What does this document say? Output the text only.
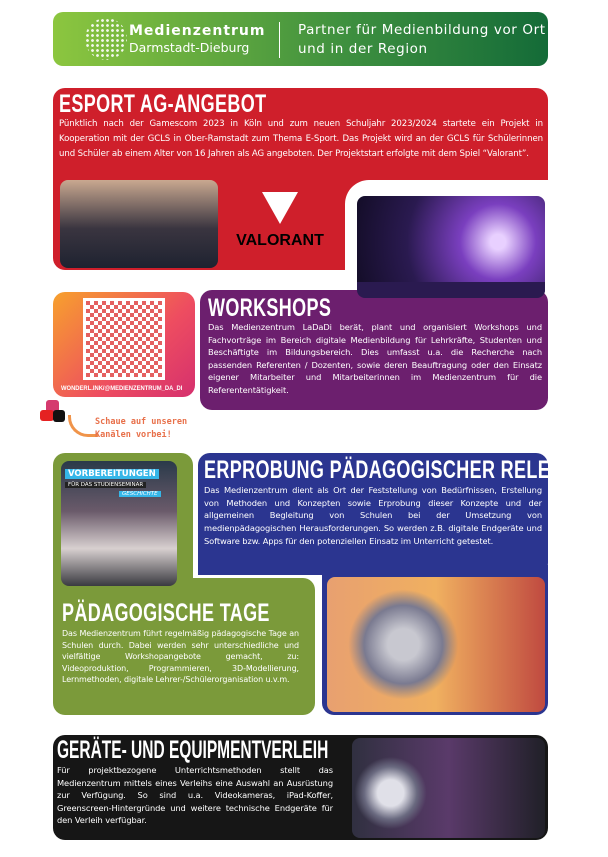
Medienzentrum
Darmstadt-Dieburg
Partner für Medienbildung vor Ort und in der Region
ESPORT AG-ANGEBOT
Pünktlich nach der Gamescom 2023 in Köln und zum neuen Schuljahr 2023/2024 startete ein Projekt in Kooperation mit der GCLS in Ober-Ramstadt zum Thema E-Sport. Das Projekt wird an der GCLS für Schülerinnen und Schüler ab einem Alter von 16 Jahren als AG angeboten. Der Projektstart erfolgte mit dem Spiel “Valorant”.
VALORANT
WORKSHOPS
Das Medienzentrum LaDaDi berät, plant und organisiert Workshops und Fachvorträge im Bereich digitale Medienbildung für Lehrkräfte, Studenten und Beschäftigte im Bildungsbereich. Dies umfasst u.a. die Recherche nach passenden Referenten / Dozenten, sowie deren Beauftragung oder den Einsatz eigener Mitarbeiter und Mitarbeiterinnen im Medienzentrum für die Referententätigkeit.
WONDERL.INK/@MEDIENZENTRUM_DA_DI
Schaue auf unseren Kanälen vorbei!
ERPROBUNG PÄDAGOGISCHER RELEVANZ
Das Medienzentrum dient als Ort der Feststellung von Bedürfnissen, Erstellung von Methoden und Konzepten sowie Erprobung dieser Konzepte und der allgemeinen Begleitung von Schulen bei der Umsetzung von medienpädagogischen Herausforderungen. So werden z.B. digitale Endgeräte und Software bzw. Apps für den potenziellen Einsatz im Unterricht getestet.
PÄDAGOGISCHE TAGE
Das Medienzentrum führt regelmäßig pädagogische Tage an Schulen durch. Dabei werden sehr unterschiedliche und vielfältige Workshopangebote gemacht, zu: Videoproduktion, Programmieren, 3D-Modellierung, Lernmethoden, digitale Lehrer-/Schülerorganisation u.v.m.
VORBEREITUNGEN
FÜR DAS STUDIENSEMINAR
GESCHICHTE
GERÄTE- UND EQUIPMENTVERLEIH
Für projektbezogene Unterrichtsmethoden stellt das Medienzentrum mittels eines Verleihs eine Auswahl an Ausrüstung zur Verfügung. So sind u.a. Videokameras, iPad-Koffer, Greenscreen-Hintergründe und weitere technische Endgeräte für den Verleih verfügbar.
